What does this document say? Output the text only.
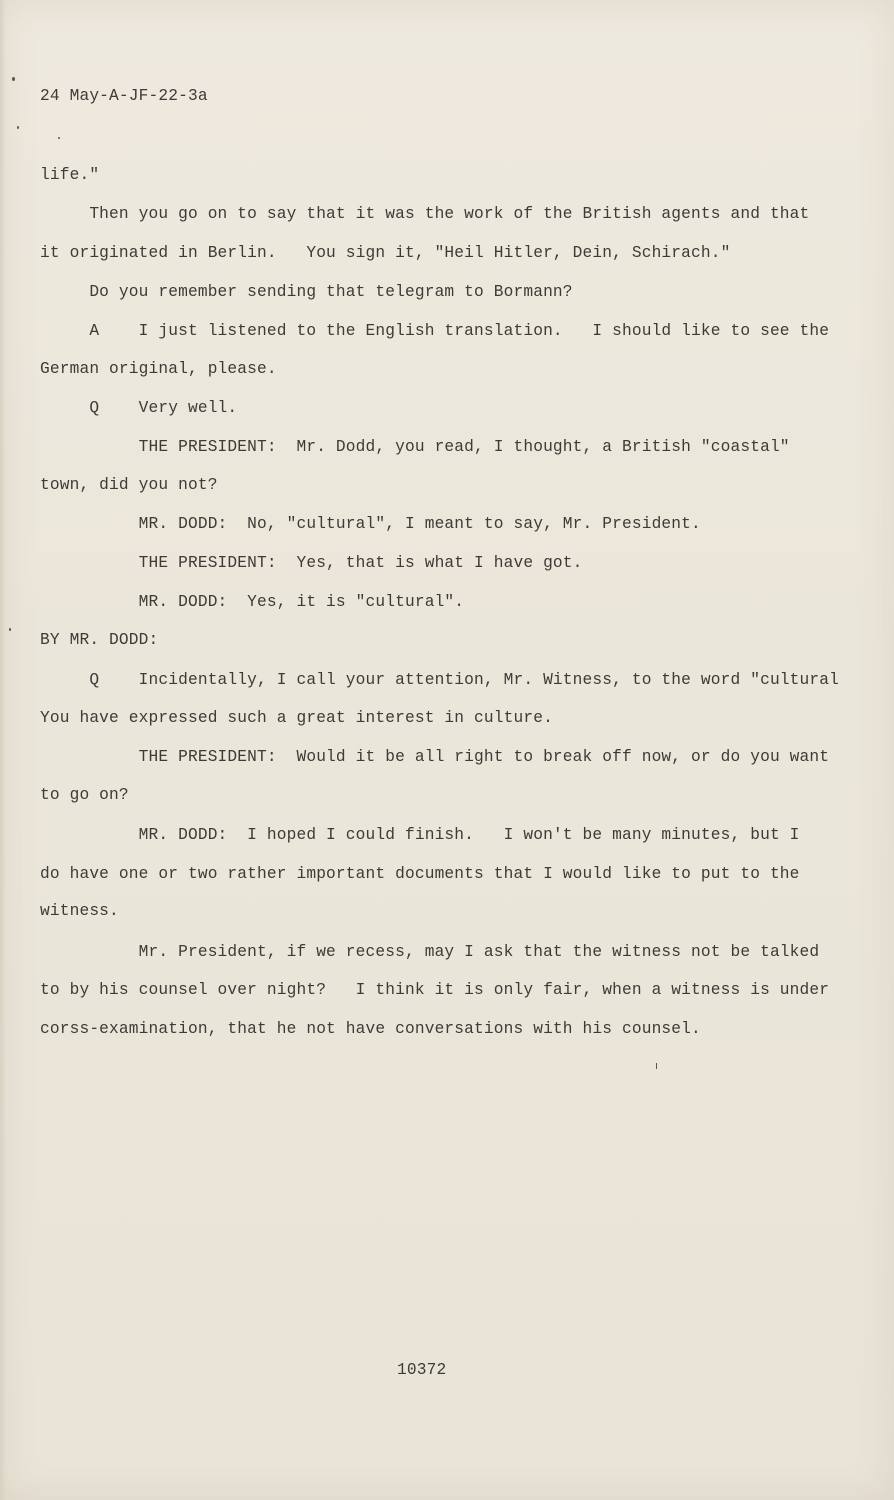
24 May-A-JF-22-3a
life."
Then you go on to say that it was the work of the British agents and that
it originated in Berlin.   You sign it, "Heil Hitler, Dein, Schirach."
Do you remember sending that telegram to Bormann?
A    I just listened to the English translation.   I should like to see the
German original, please.
Q    Very well.
THE PRESIDENT:  Mr. Dodd, you read, I thought, a British "coastal"
town, did you not?
MR. DODD:  No, "cultural", I meant to say, Mr. President.
THE PRESIDENT:  Yes, that is what I have got.
MR. DODD:  Yes, it is "cultural".
BY MR. DODD:
Q    Incidentally, I call your attention, Mr. Witness, to the word "cultural
You have expressed such a great interest in culture.
THE PRESIDENT:  Would it be all right to break off now, or do you want
to go on?
MR. DODD:  I hoped I could finish.   I won't be many minutes, but I
do have one or two rather important documents that I would like to put to the
witness.
Mr. President, if we recess, may I ask that the witness not be talked
to by his counsel over night?   I think it is only fair, when a witness is under
corss-examination, that he not have conversations with his counsel.
10372
